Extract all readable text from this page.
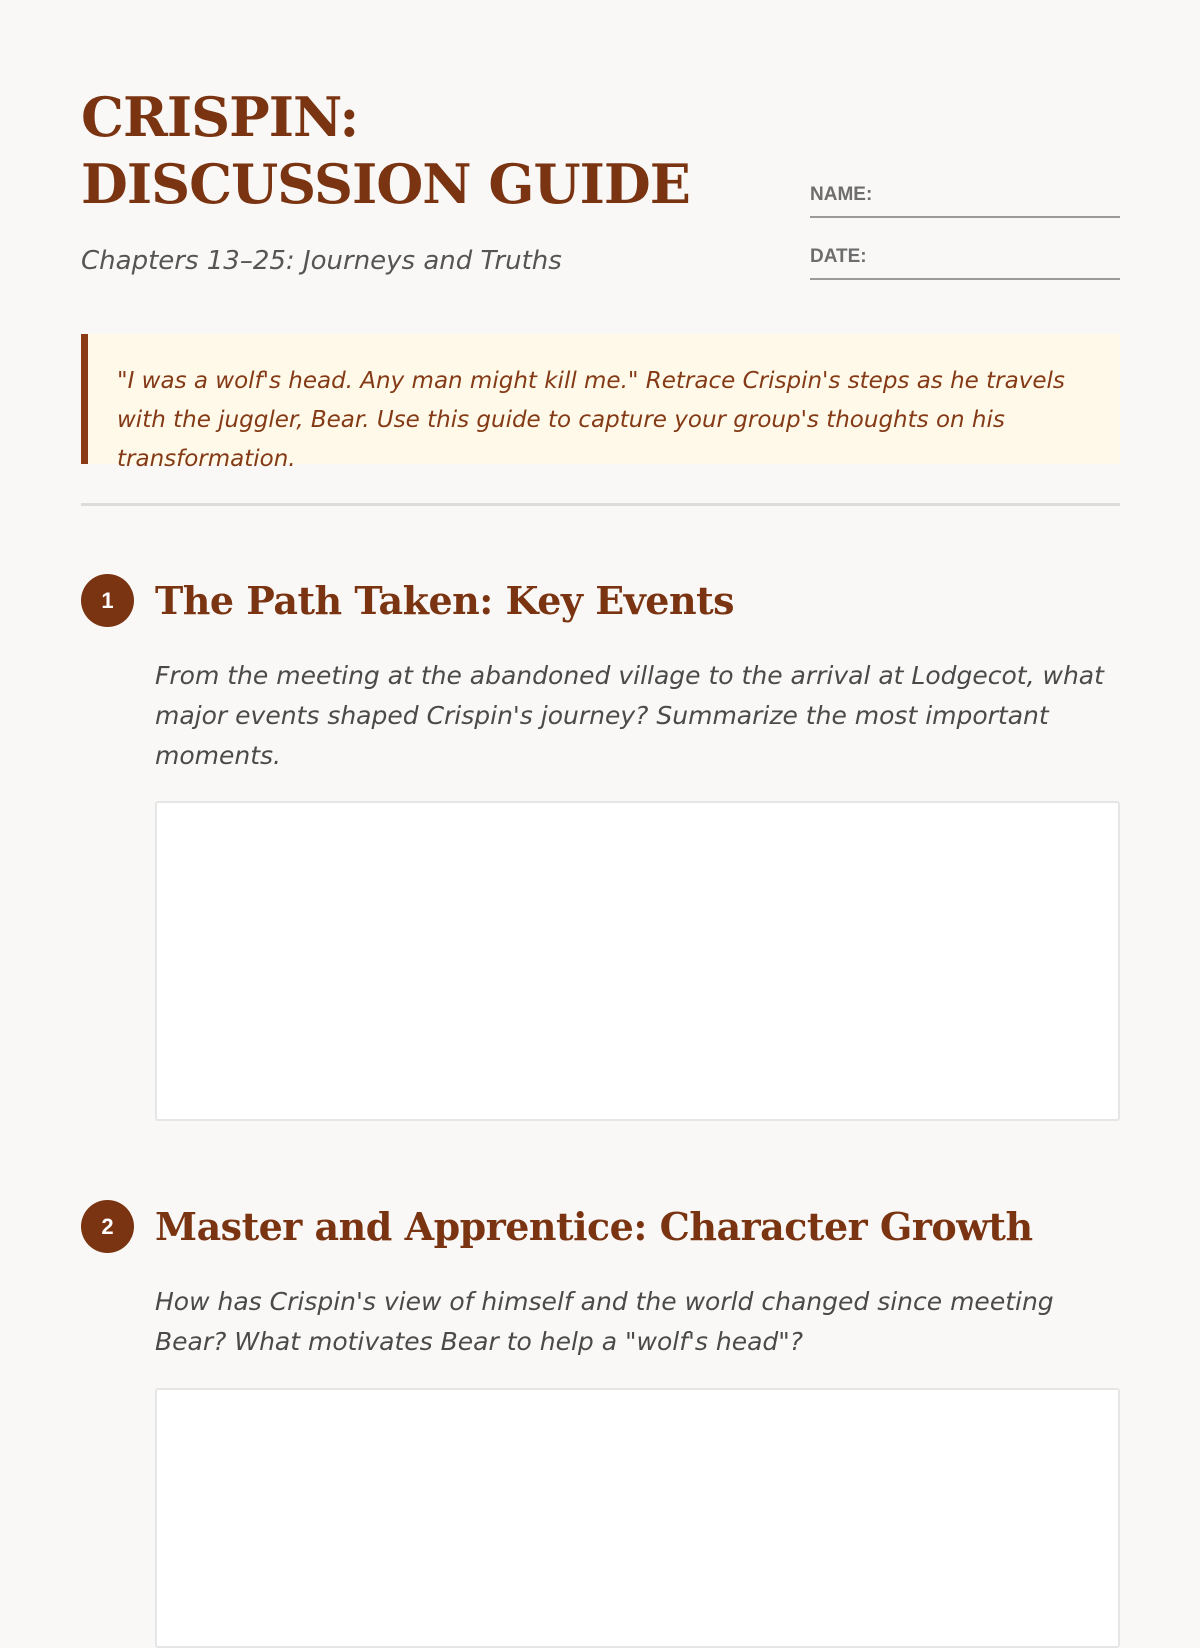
CRISPIN: DISCUSSION GUIDE

Chapters 13–25: Journeys and Truths

NAME:
DATE:

"I was a wolf's head. Any man might kill me." Retrace Crispin's steps as he travels with the juggler, Bear. Use this guide to capture your group's thoughts on his transformation.

1	The Path Taken: Key Events

From the meeting at the abandoned village to the arrival at Lodgecot, what major events shaped Crispin's journey? Summarize the most important moments.

2	Master and Apprentice: Character Growth

How has Crispin's view of himself and the world changed since meeting Bear? What motivates Bear to help a "wolf's head"?
